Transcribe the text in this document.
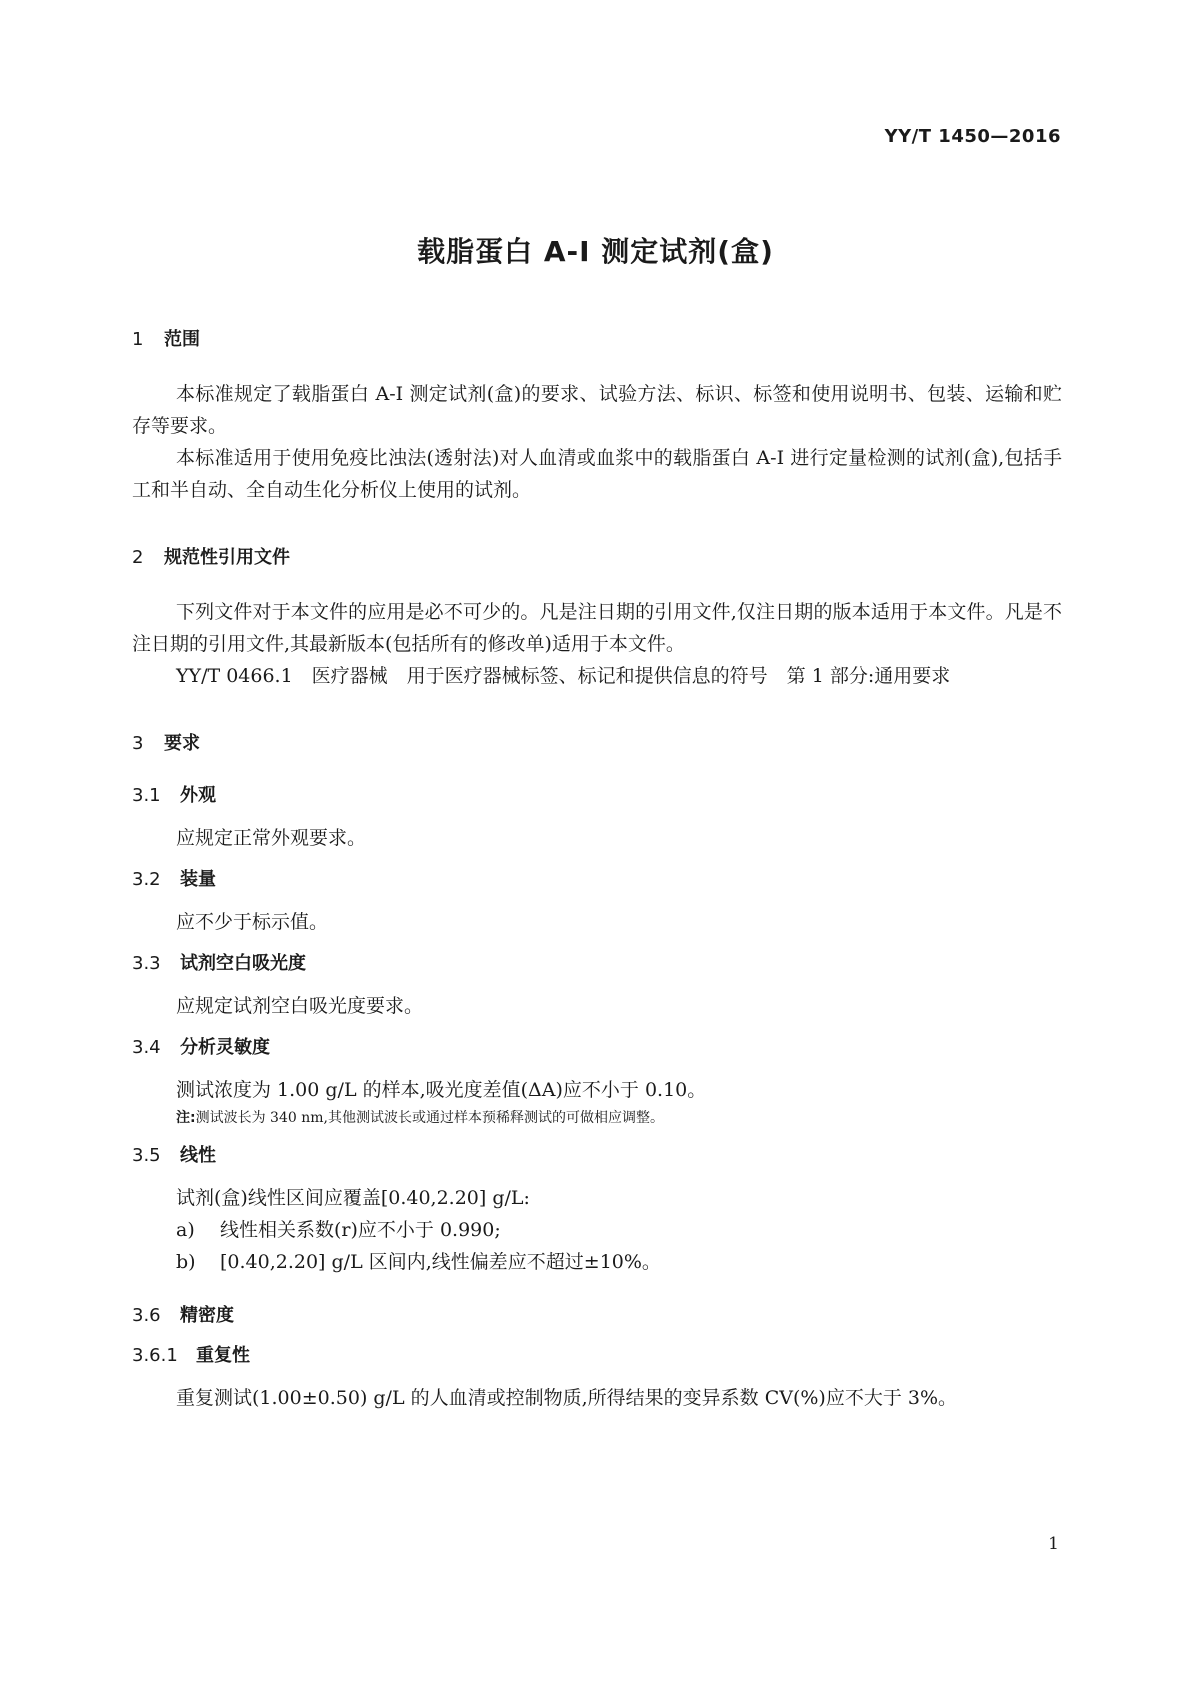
YY/T 1450—2016
载脂蛋白 A-I 测定试剂(盒)
1	范围

本标准规定了载脂蛋白 A-I 测定试剂(盒)的要求、试验方法、标识、标签和使用说明书、包装、运输和贮存等要求。

本标准适用于使用免疫比浊法(透射法)对人血清或血浆中的载脂蛋白 A-I 进行定量检测的试剂(盒),包括手工和半自动、全自动生化分析仪上使用的试剂。

2	规范性引用文件

下列文件对于本文件的应用是必不可少的。凡是注日期的引用文件,仅注日期的版本适用于本文件。凡是不注日期的引用文件,其最新版本(包括所有的修改单)适用于本文件。

YY/T 0466.1　医疗器械　用于医疗器械标签、标记和提供信息的符号　第 1 部分:通用要求

3	要求
3.1	外观

应规定正常外观要求。

3.2	装量

应不少于标示值。

3.3	试剂空白吸光度

应规定试剂空白吸光度要求。

3.4	分析灵敏度

测试浓度为 1.00 g/L 的样本,吸光度差值(ΔA)应不小于 0.10。

注:测试波长为 340 nm,其他测试波长或通过样本预稀释测试的可做相应调整。

3.5	线性

试剂(盒)线性区间应覆盖[0.40,2.20] g/L:

a)	线性相关系数(r)应不小于 0.990;
b)	[0.40,2.20] g/L 区间内,线性偏差应不超过±10%。
3.6	精密度
3.6.1	重复性

重复测试(1.00±0.50) g/L 的人血清或控制物质,所得结果的变异系数 CV(%)应不大于 3%。

1
